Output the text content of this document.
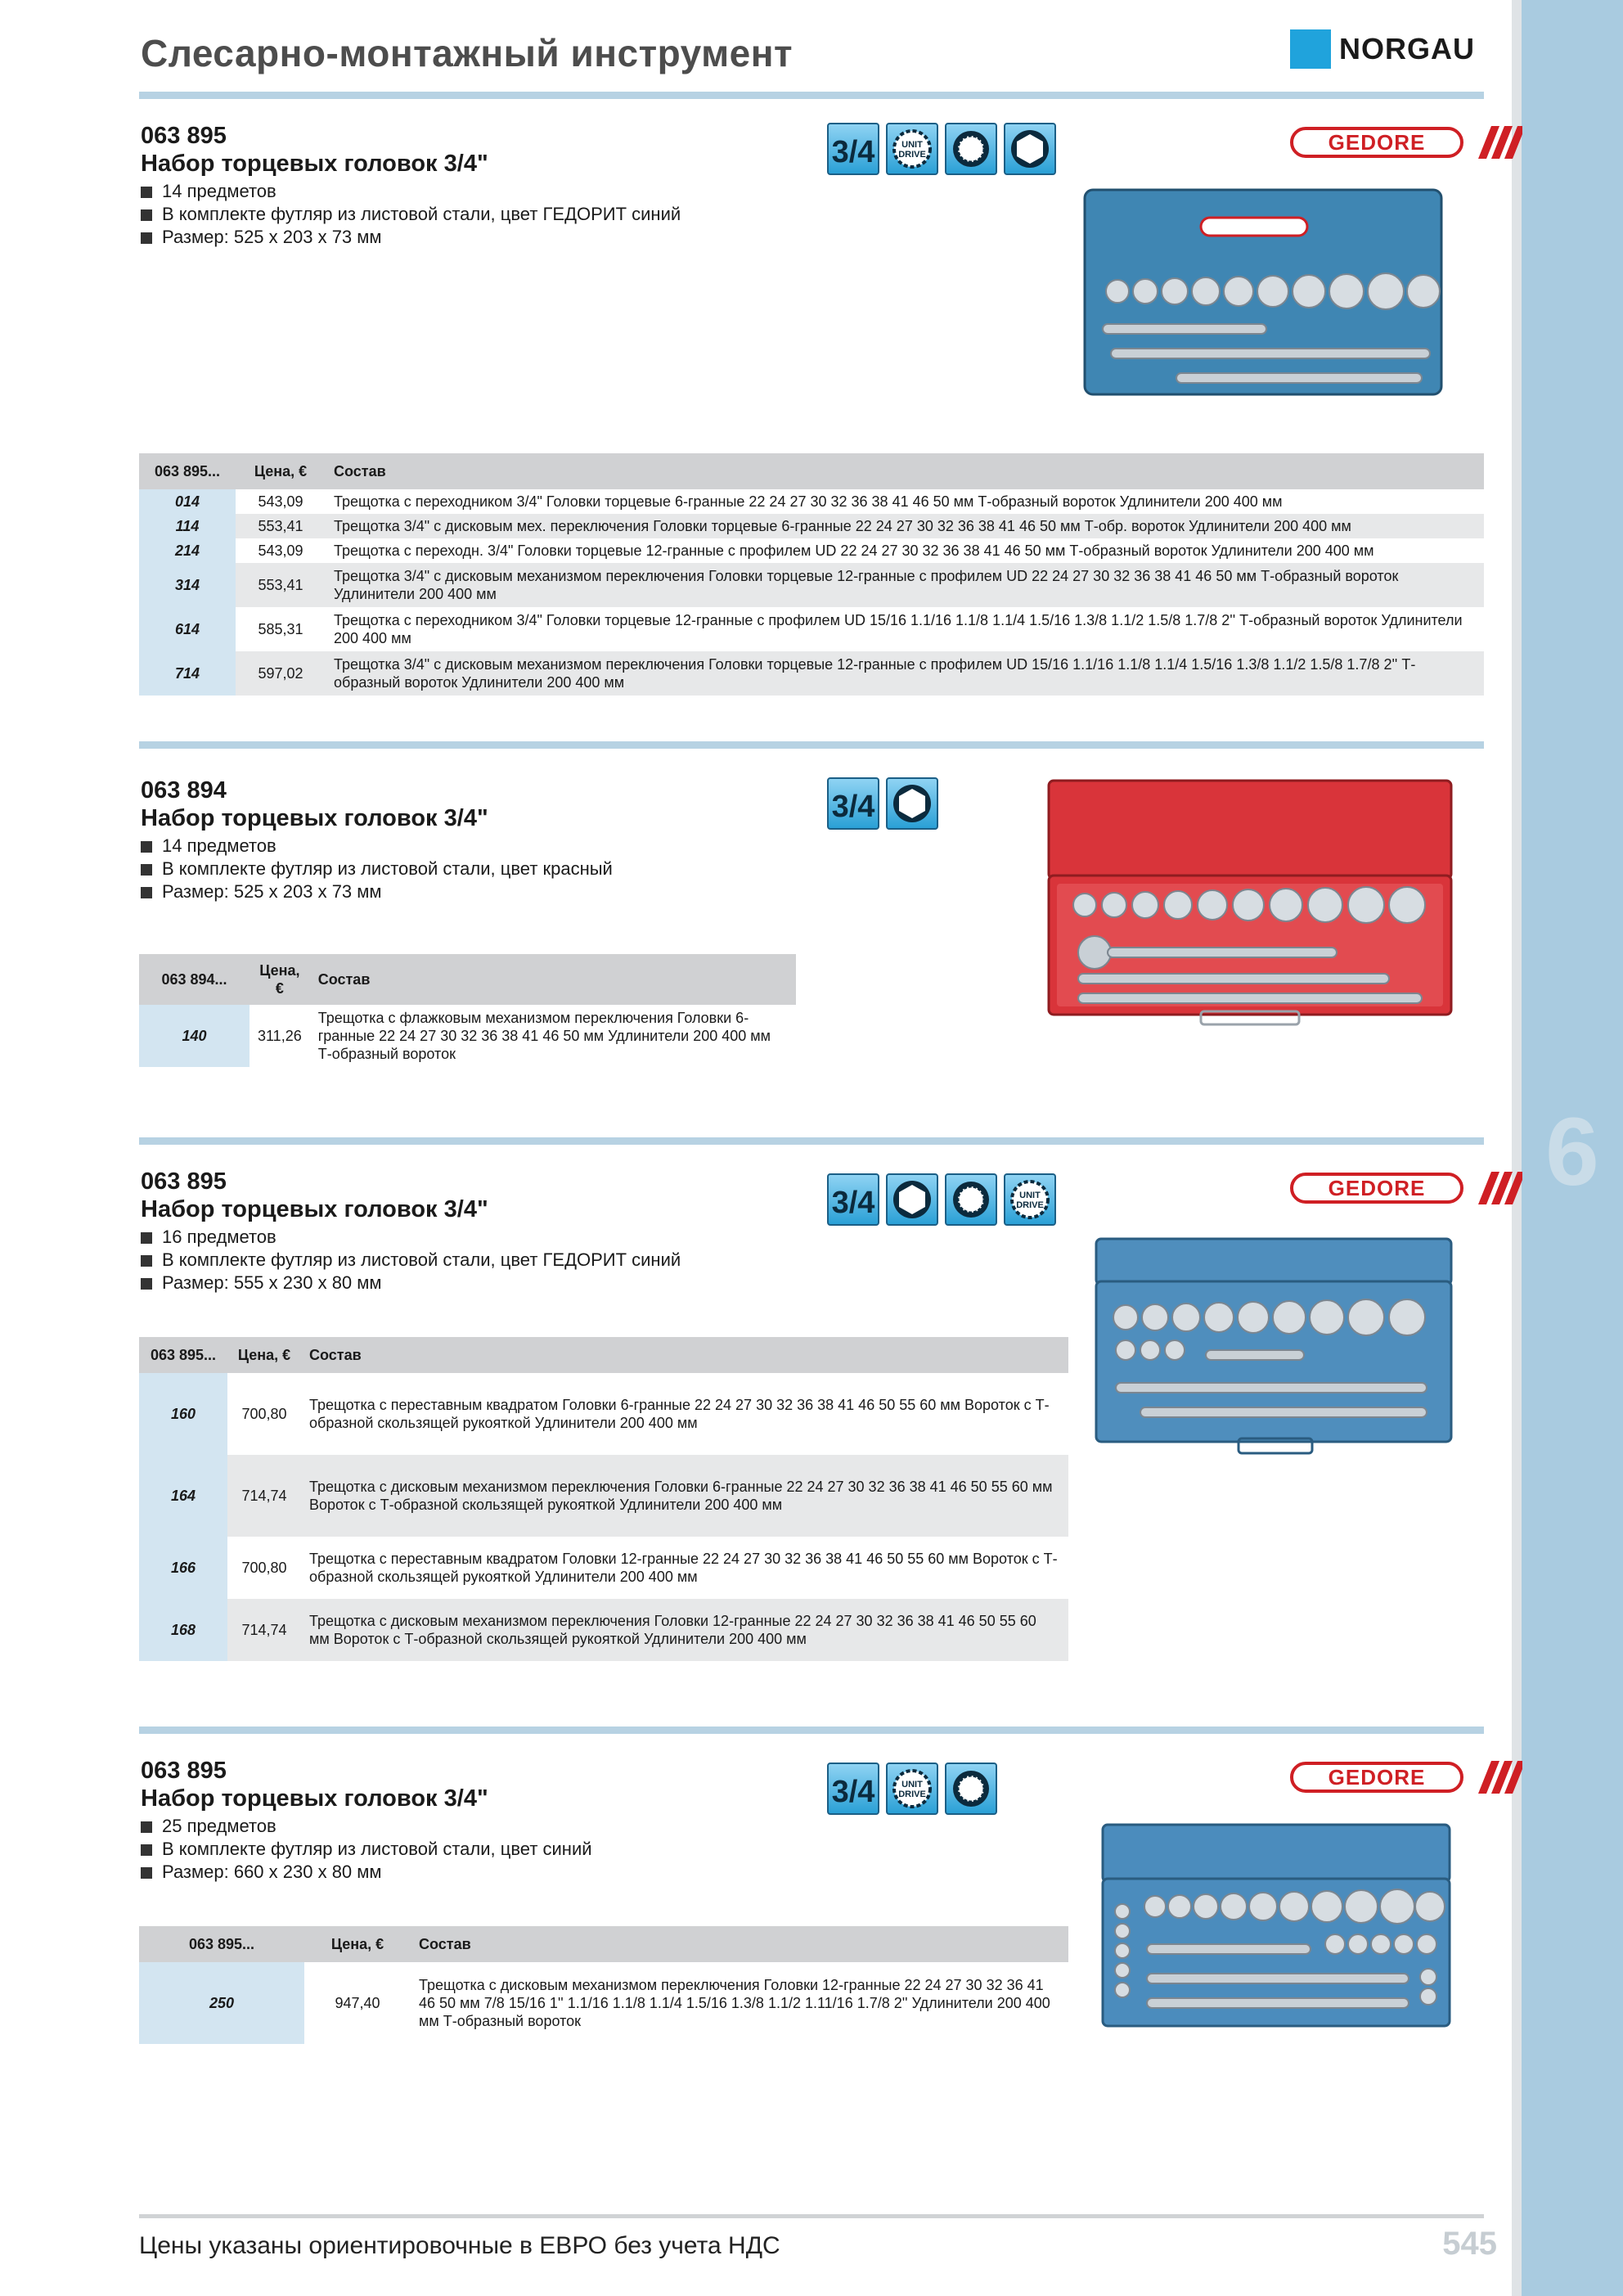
6
Слесарно-монтажный инструмент	NORGAU
063 895
Набор торцевых головок 3/4"
14 предметов
В комплекте футляр из листовой стали, цвет ГЕДОРИТ синий
Размер: 525 x 203 x 73 мм
3/4	UNIT
DRIVE
GEDORE
063 895...	Цена, €	Состав
014	543,09	Трещотка с переходником 3/4" Головки торцевые 6-гранные 22 24 27 30 32 36 38 41 46 50 мм Т-образный вороток Удлинители 200 400 мм
114	553,41	Трещотка 3/4" с дисковым мех. переключения Головки торцевые 6-гранные 22 24 27 30 32 36 38 41 46 50 мм Т-обр. вороток Удлинители 200 400 мм
214	543,09	Трещотка с переходн. 3/4" Головки торцевые 12-гранные с профилем UD 22 24 27 30 32 36 38 41 46 50 мм Т-образный вороток Удлинители 200 400 мм
314	553,41	Трещотка 3/4" с дисковым механизмом переключения Головки торцевые 12-гранные с профилем UD 22 24 27 30 32 36 38 41 46 50 мм Т-образный вороток Удлинители 200 400 мм
614	585,31	Трещотка с переходником 3/4" Головки торцевые 12-гранные с профилем UD 15/16 1.1/16 1.1/8 1.1/4 1.5/16 1.3/8 1.1/2 1.5/8 1.7/8 2'' Т-образный вороток Удлинители 200 400 мм
714	597,02	Трещотка 3/4" с дисковым механизмом переключения Головки торцевые 12-гранные с профилем UD 15/16 1.1/16 1.1/8 1.1/4 1.5/16 1.3/8 1.1/2 1.5/8 1.7/8 2'' Т-образный вороток Удлинители 200 400 мм
063 894
Набор торцевых головок 3/4"
14 предметов
В комплекте футляр из листовой стали, цвет красный
Размер: 525 x 203 x 73 мм
3/4
063 894...	Цена, €	Состав
140	311,26	Трещотка с флажковым механизмом переключения Головки 6-гранные 22 24 27 30 32 36 38 41 46 50 мм Удлинители 200 400 мм Т-образный вороток
063 895
Набор торцевых головок 3/4"
16 предметов
В комплекте футляр из листовой стали, цвет ГЕДОРИТ синий
Размер: 555 x 230 x 80 мм
3/4	UNIT
DRIVE
GEDORE
063 895...	Цена, €	Состав
160	700,80	Трещотка с переставным квадратом Головки 6-гранные 22 24 27 30 32 36 38 41 46 50 55 60 мм Вороток с Т-образной скользящей рукояткой Удлинители 200 400 мм
164	714,74	Трещотка с дисковым механизмом переключения Головки 6-гранные 22 24 27 30 32 36 38 41 46 50 55 60 мм Вороток с Т-образной скользящей рукояткой Удлинители 200 400 мм
166	700,80	Трещотка с переставным квадратом Головки 12-гранные 22 24 27 30 32 36 38 41 46 50 55 60 мм Вороток с Т-образной скользящей рукояткой Удлинители 200 400 мм
168	714,74	Трещотка с дисковым механизмом переключения Головки 12-гранные 22 24 27 30 32 36 38 41 46 50 55 60 мм Вороток с Т-образной скользящей рукояткой Удлинители 200 400 мм
063 895
Набор торцевых головок 3/4"
25 предметов
В комплекте футляр из листовой стали, цвет синий
Размер: 660 x 230 x 80 мм
3/4	UNIT
DRIVE
GEDORE
063 895...	Цена, €	Состав
250	947,40	Трещотка с дисковым механизмом переключения Головки 12-гранные 22 24 27 30 32 36 41 46 50 мм 7/8 15/16 1'' 1.1/16 1.1/8 1.1/4 1.5/16 1.3/8 1.1/2 1.11/16 1.7/8 2'' Удлинители 200 400 мм Т-образный вороток
Цены указаны ориентировочные в ЕВРО без учета НДС	545
